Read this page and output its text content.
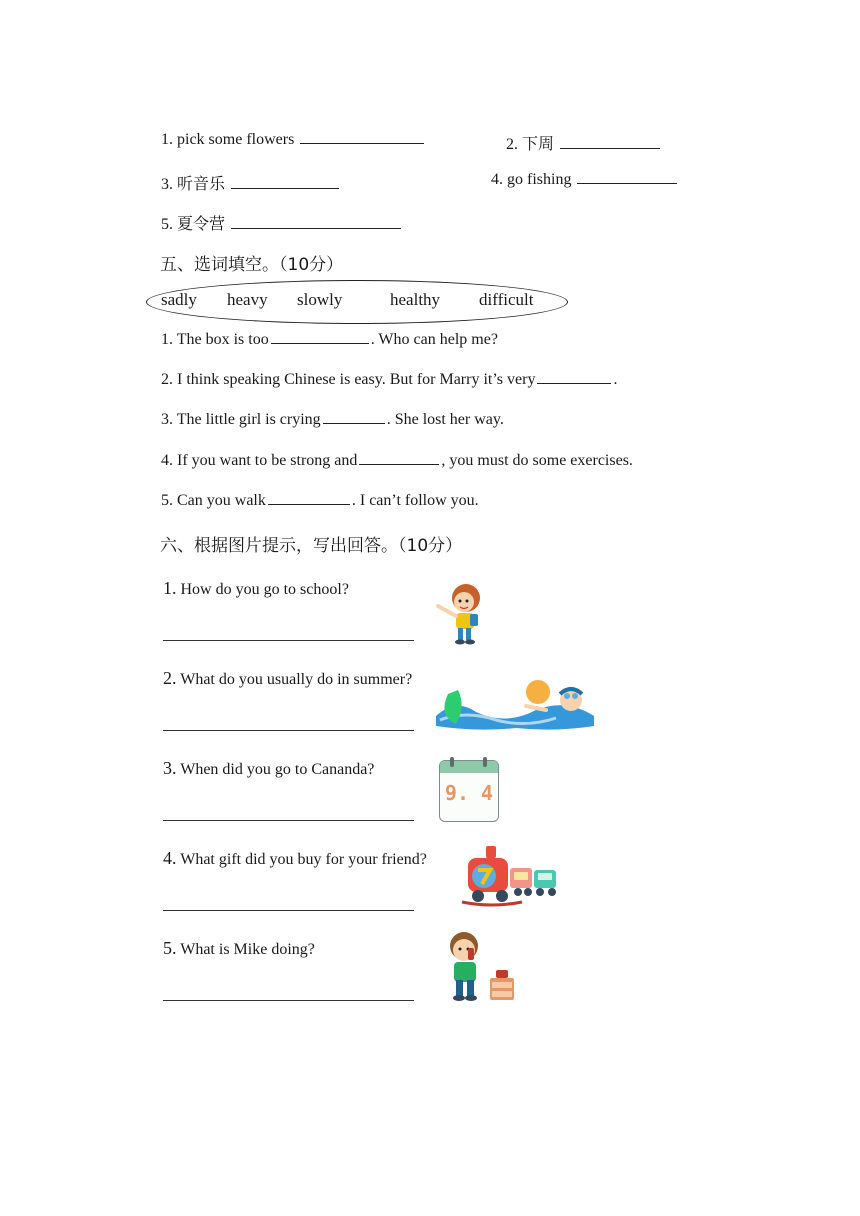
1. pick some flowers	2. 下周
3. 听音乐	4. go fishing
5. 夏令营
五、选词填空。（10分）
sadly heavy slowly	healthy difficult
1. The box is too	. Who can help me?
2. I think speaking Chinese is easy. But for Marry it’s very	.
3. The little girl is crying	. She lost her way.
4. If you want to be strong and	, you must do some exercises.
5. Can you walk	. I can’t follow you.
六、根据图片提示，写出回答。（10分）
1. How do you go to school?
2. What do you usually do in summer?
3. When did you go to Cananda?
9. 4
4. What gift did you buy for your friend?
5. What is Mike doing?
